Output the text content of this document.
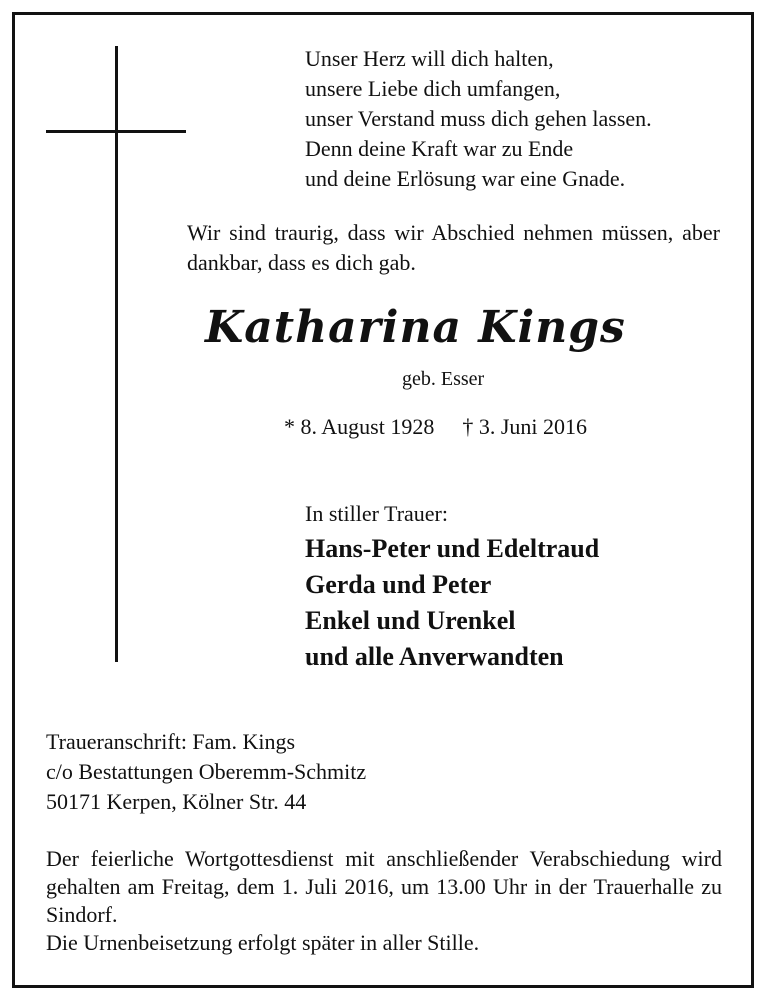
Unser Herz will dich halten,
unsere Liebe dich umfangen,
unser Verstand muss dich gehen lassen.
Denn deine Kraft war zu Ende
und deine Erlösung war eine Gnade.
Wir sind traurig, dass wir Abschied nehmen müssen, aber dankbar, dass es dich gab.
Katharina Kings
geb. Esser
* 8. August 1928 † 3. Juni 2016
In stiller Trauer:
Hans-Peter und Edeltraud
Gerda und Peter
Enkel und Urenkel
und alle Anverwandten
Traueranschrift: Fam. Kings
c/o Bestattungen Oberemm-Schmitz
50171 Kerpen, Kölner Str. 44
Der feierliche Wortgottesdienst mit anschließender Verabschiedung wird gehalten am Freitag, dem 1. Juli 2016, um 13.00 Uhr in der Trauerhalle zu Sindorf.
Die Urnenbeisetzung erfolgt später in aller Stille.
